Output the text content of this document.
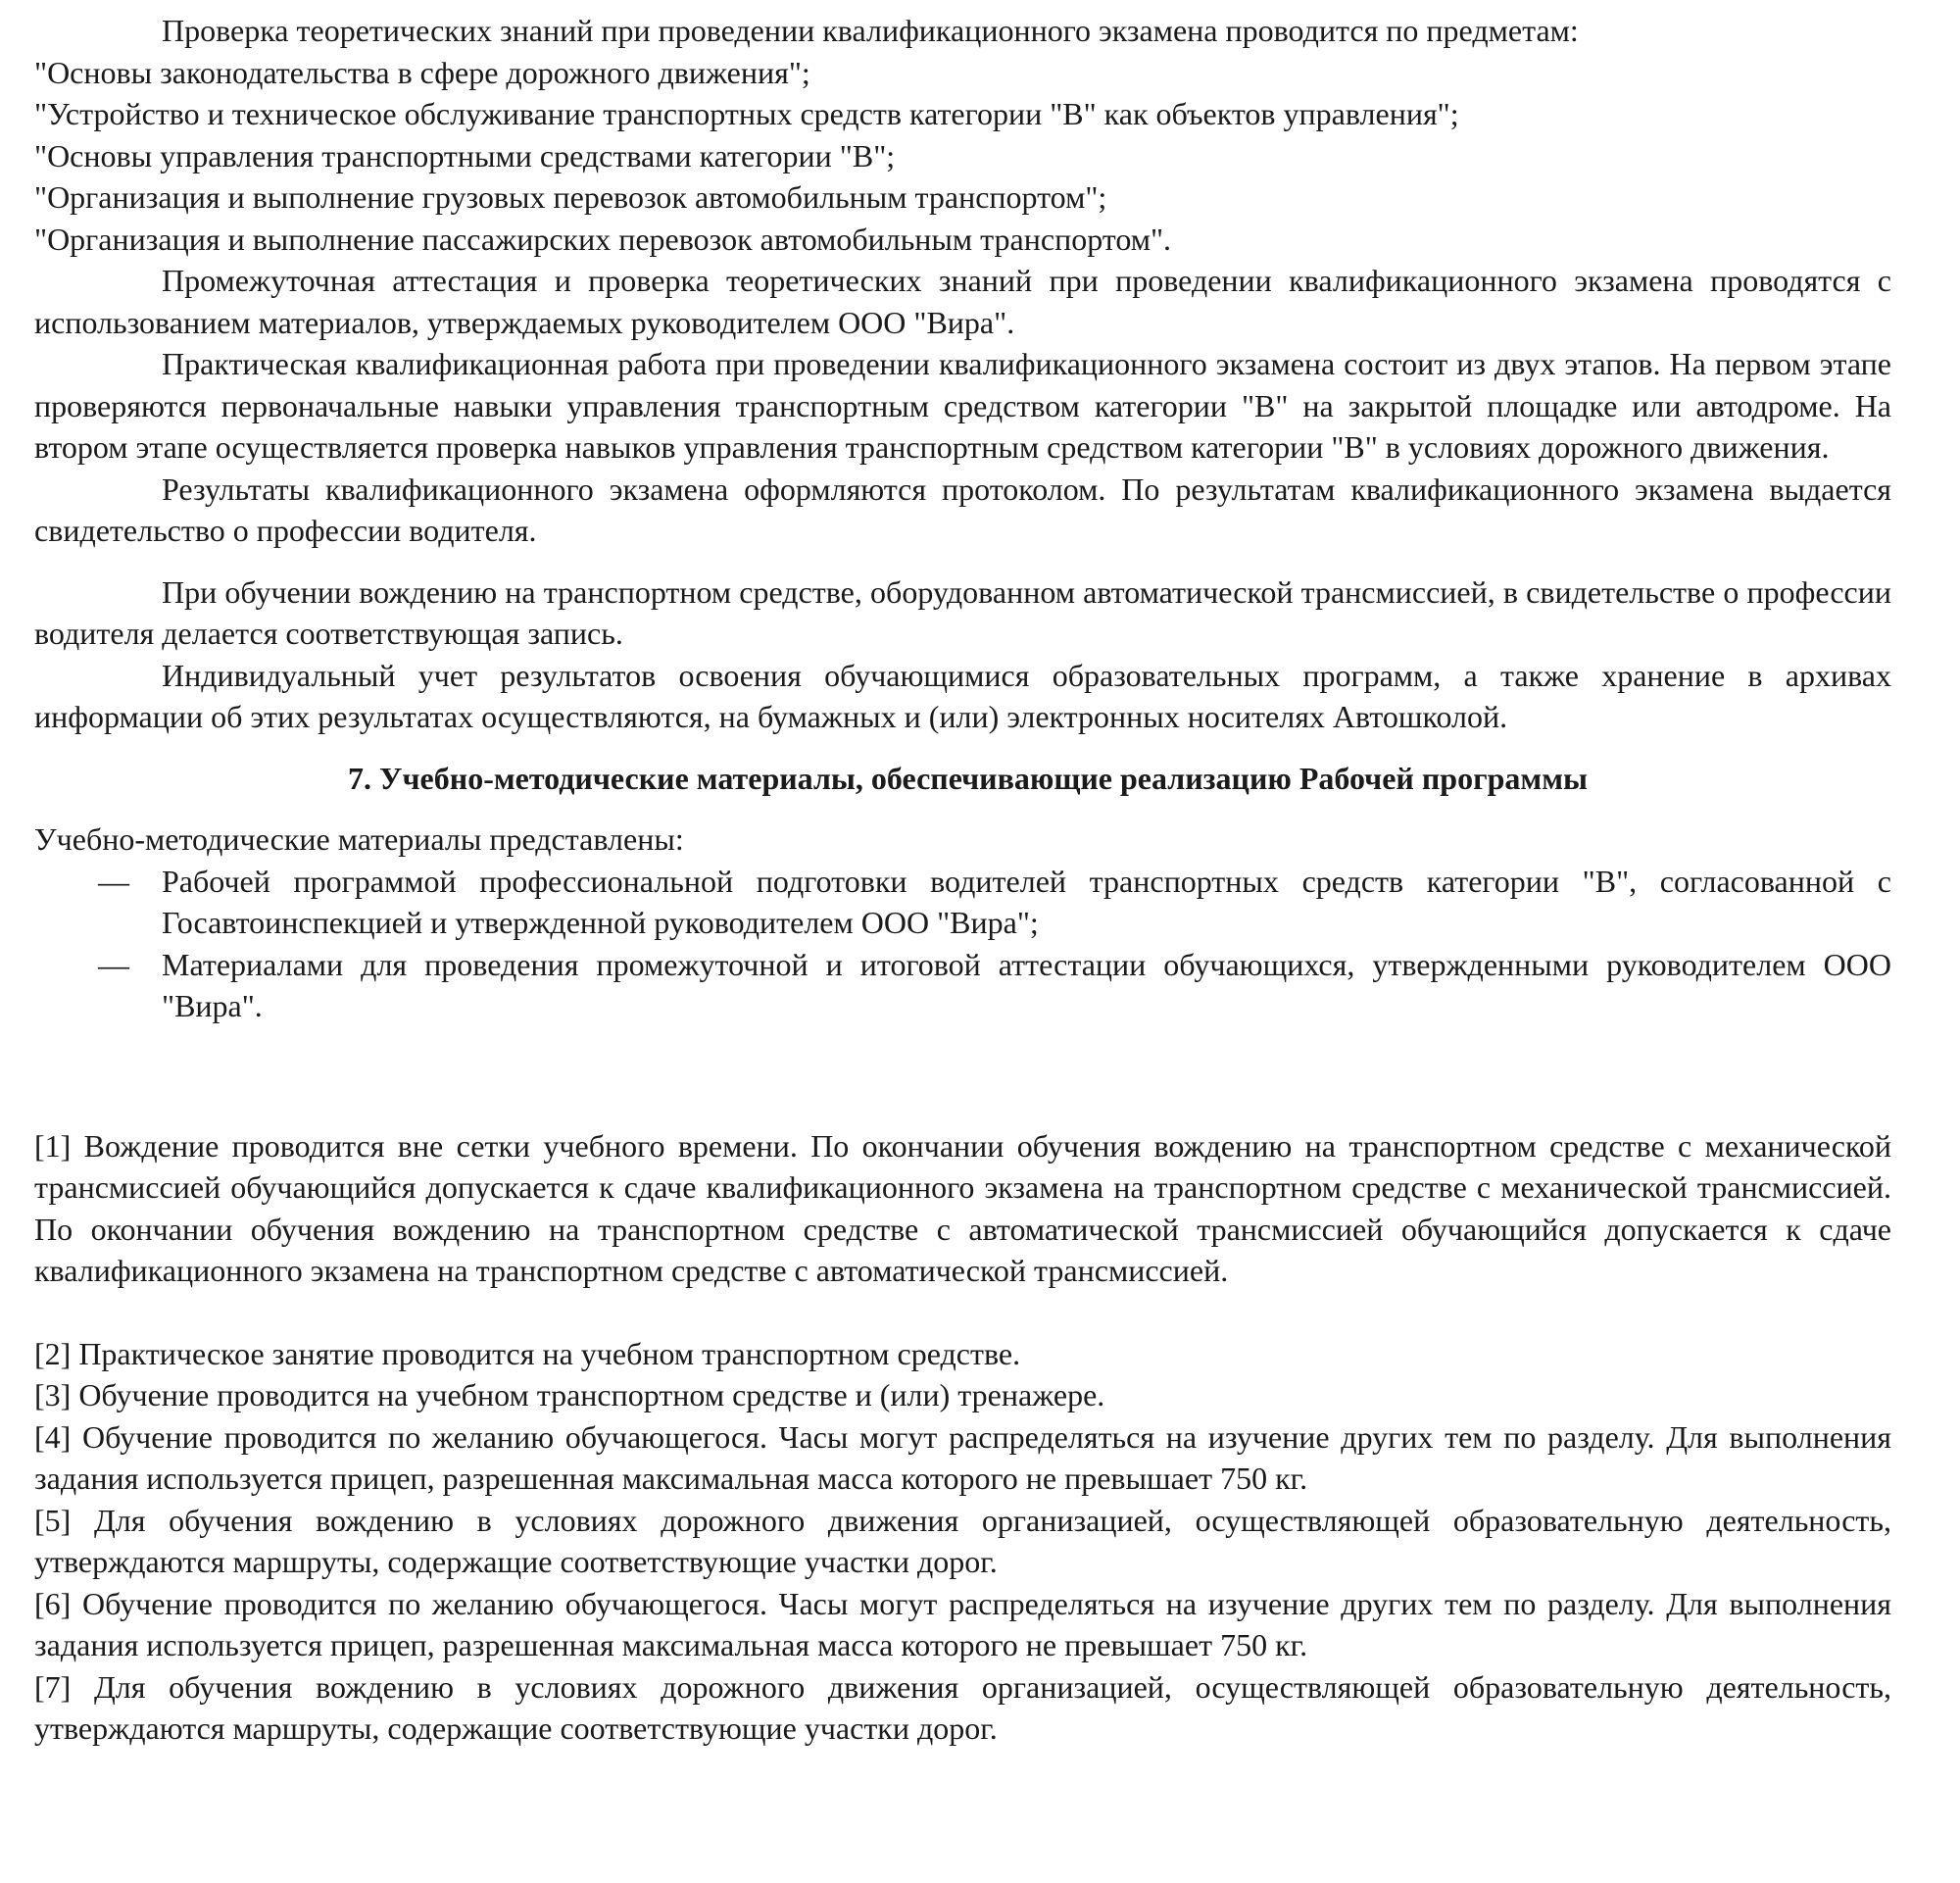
Проверка теоретических знаний при проведении квалификационного экзамена проводится по предметам:

"Основы законодательства в сфере дорожного движения";

"Устройство и техническое обслуживание транспортных средств категории "B" как объектов управления";

"Основы управления транспортными средствами категории "B";

"Организация и выполнение грузовых перевозок автомобильным транспортом";

"Организация и выполнение пассажирских перевозок автомобильным транспортом".

Промежуточная аттестация и проверка теоретических знаний при проведении квалификационного экзамена проводятся с использованием материалов, утверждаемых руководителем ООО "Вира".

Практическая квалификационная работа при проведении квалификационного экзамена состоит из двух этапов. На первом этапе проверяются первоначальные навыки управления транспортным средством категории "B" на закрытой площадке или автодроме. На втором этапе осуществляется проверка навыков управления транспортным средством категории "B" в условиях дорожного движения.

Результаты квалификационного экзамена оформляются протоколом. По результатам квалификационного экзамена выдается свидетельство о профессии водителя.

При обучении вождению на транспортном средстве, оборудованном автоматической трансмиссией, в свидетельстве о профессии водителя делается соответствующая запись.

Индивидуальный учет результатов освоения обучающимися образовательных программ, а также хранение в архивах информации об этих результатах осуществляются, на бумажных и (или) электронных носителях Автошколой.

7. Учебно-методические материалы, обеспечивающие реализацию Рабочей программы

Учебно-методические материалы представлены:

— Рабочей программой профессиональной подготовки водителей транспортных средств категории "B", согласованной с Госавтоинспекцией и утвержденной руководителем ООО "Вира";
— Материалами для проведения промежуточной и итоговой аттестации обучающихся, утвержденными руководителем ООО "Вира".

[1] Вождение проводится вне сетки учебного времени. По окончании обучения вождению на транспортном средстве с механической трансмиссией обучающийся допускается к сдаче квалификационного экзамена на транспортном средстве с механической трансмиссией. По окончании обучения вождению на транспортном средстве с автоматической трансмиссией обучающийся допускается к сдаче квалификационного экзамена на транспортном средстве с автоматической трансмиссией.

[2] Практическое занятие проводится на учебном транспортном средстве.

[3] Обучение проводится на учебном транспортном средстве и (или) тренажере.

[4] Обучение проводится по желанию обучающегося. Часы могут распределяться на изучение других тем по разделу. Для выполнения задания используется прицеп, разрешенная максимальная масса которого не превышает 750 кг.

[5] Для обучения вождению в условиях дорожного движения организацией, осуществляющей образовательную деятельность, утверждаются маршруты, содержащие соответствующие участки дорог.

[6] Обучение проводится по желанию обучающегося. Часы могут распределяться на изучение других тем по разделу. Для выполнения задания используется прицеп, разрешенная максимальная масса которого не превышает 750 кг.

[7] Для обучения вождению в условиях дорожного движения организацией, осуществляющей образовательную деятельность, утверждаются маршруты, содержащие соответствующие участки дорог.
